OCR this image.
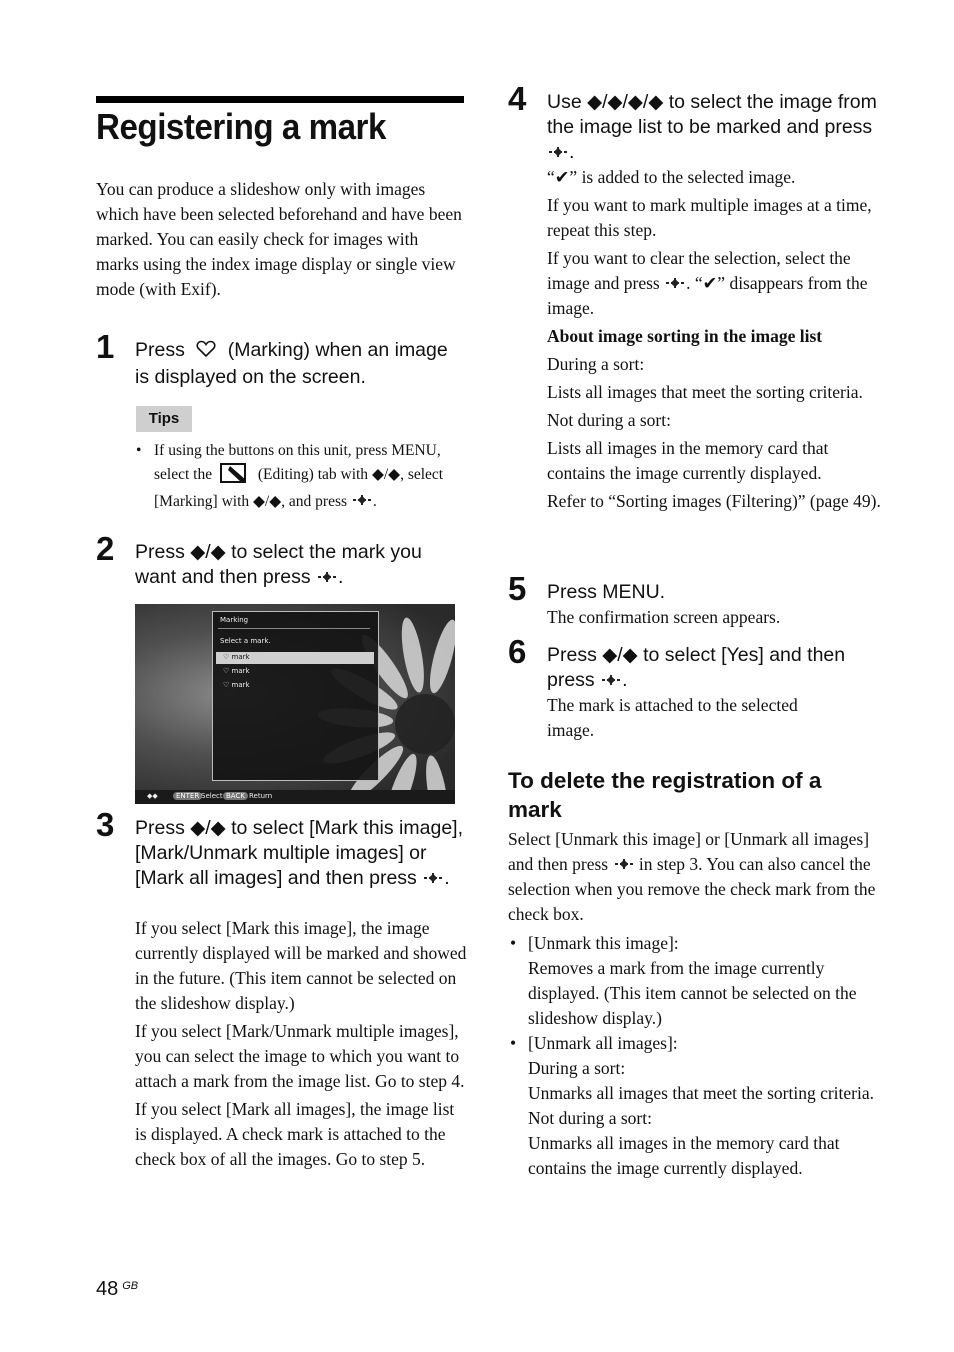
Registering a mark
You can produce a slideshow only with images which have been selected beforehand and have been marked. You can easily check for images with marks using the index image display or single view mode (with Exif).
1 Press (Marking) when an image is displayed on the screen.
Tips
• If using the buttons on this unit, press MENU, select the	(Editing) tab with ◆/◆, select [Marking] with ◆/◆, and press .
2 Press ◆/◆ to select the mark you want and then press .
Marking
Select a mark.
♡ mark
♡ mark
♡ mark
◆◆	ENTER Select BACK Return
3 Press ◆/◆ to select [Mark this image], [Mark/Unmark multiple images] or [Mark all images] and then press .

If you select [Mark this image], the image currently displayed will be marked and showed in the future. (This item cannot be selected on the slideshow display.)

If you select [Mark/Unmark multiple images], you can select the image to which you want to attach a mark from the image list. Go to step 4.

If you select [Mark all images], the image list is displayed. A check mark is attached to the check box of all the images. Go to step 5.

4 Use ◆/◆/◆/◆ to select the image from the image list to be marked and press
.

“✔” is added to the selected image.

If you want to mark multiple images at a time, repeat this step.

If you want to clear the selection, select the image and press . “✔” disappears from the image.

About image sorting in the image list

During a sort:

Lists all images that meet the sorting criteria.

Not during a sort:

Lists all images in the memory card that contains the image currently displayed.

Refer to “Sorting images (Filtering)” (page 49).

5 Press MENU.
The confirmation screen appears.
6 Press ◆/◆ to select [Yes] and then press .
The mark is attached to the selected image.
To delete the registration of a mark
Select [Unmark this image] or [Unmark all images] and then press in step 3. You can also cancel the selection when you remove the check mark from the check box.
• [Unmark this image]:
Removes a mark from the image currently displayed. (This item cannot be selected on the slideshow display.)
• [Unmark all images]:
During a sort:
Unmarks all images that meet the sorting criteria.
Not during a sort:
Unmarks all images in the memory card that contains the image currently displayed.
48 $^{GB}$
